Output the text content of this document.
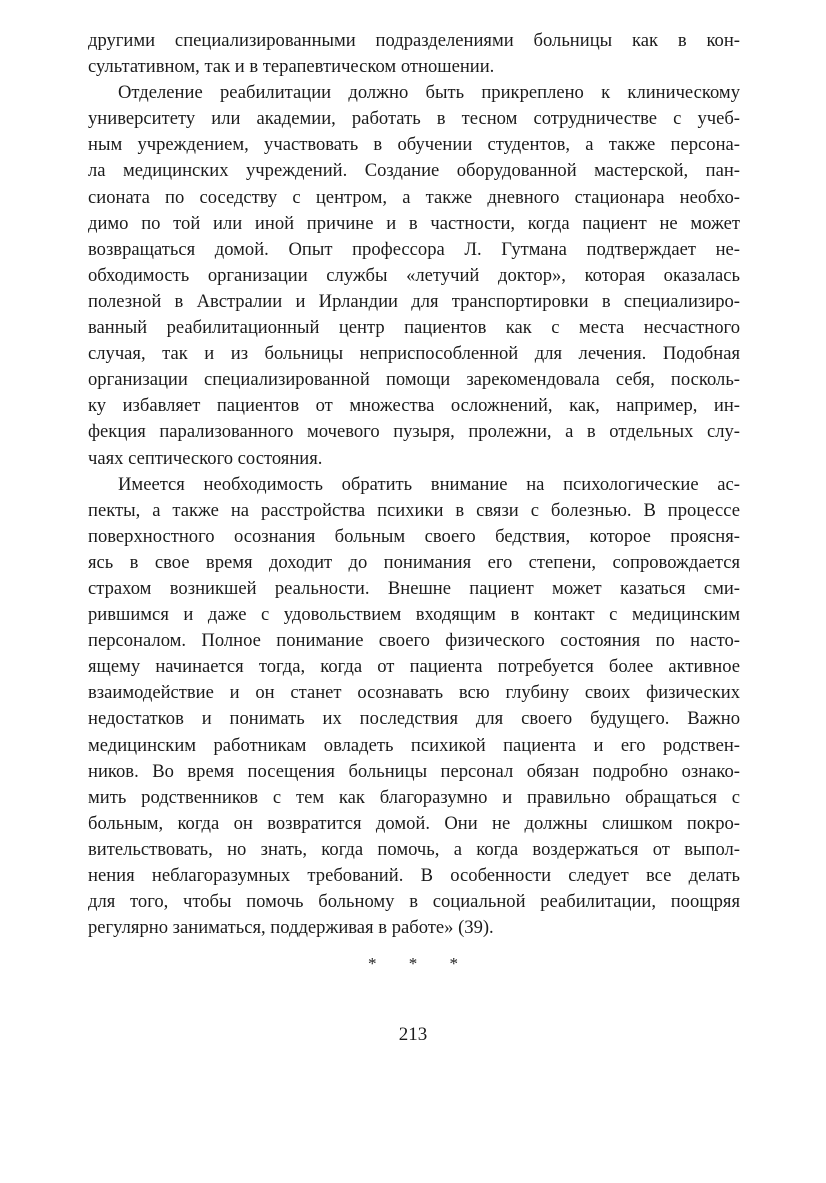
другими специализированными подразделениями больницы как в кон-
сультативном, так и в терапевтическом отношении.
Отделение реабилитации должно быть прикреплено к клиническому
университету или академии, работать в тесном сотрудничестве с учеб-
ным учреждением, участвовать в обучении студентов, а также персона-
ла медицинских учреждений. Создание оборудованной мастерской, пан-
сионата по соседству с центром, а также дневного стационара необхо-
димо по той или иной причине и в частности, когда пациент не может
возвращаться домой. Опыт профессора Л. Гутмана подтверждает не-
обходимость организации службы «летучий доктор», которая оказалась
полезной в Австралии и Ирландии для транспортировки в специализиро-
ванный реабилитационный центр пациентов как с места несчастного
случая, так и из больницы неприспособленной для лечения. Подобная
организации специализированной помощи зарекомендовала себя, посколь-
ку избавляет пациентов от множества осложнений, как, например, ин-
фекция парализованного мочевого пузыря, пролежни, а в отдельных слу-
чаях септического состояния.
Имеется необходимость обратить внимание на психологические ас-
пекты, а также на расстройства психики в связи с болезнью. В процессе
поверхностного осознания больным своего бедствия, которое проясня-
ясь в свое время доходит до понимания его степени, сопровождается
страхом возникшей реальности. Внешне пациент может казаться сми-
рившимся и даже с удовольствием входящим в контакт с медицинским
персоналом. Полное понимание своего физического состояния по насто-
ящему начинается тогда, когда от пациента потребуется более активное
взаимодействие и он станет осознавать всю глубину своих физических
недостатков и понимать их последствия для своего будущего. Важно
медицинским работникам овладеть психикой пациента и его родствен-
ников. Во время посещения больницы персонал обязан подробно ознако-
мить родственников с тем как благоразумно и правильно обращаться с
больным, когда он возвратится домой. Они не должны слишком покро-
вительствовать, но знать, когда помочь, а когда воздержаться от выпол-
нения неблагоразумных требований. В особенности следует все делать
для того, чтобы помочь больному в социальной реабилитации, поощряя
регулярно заниматься, поддерживая в работе» (39).
* * *
213
